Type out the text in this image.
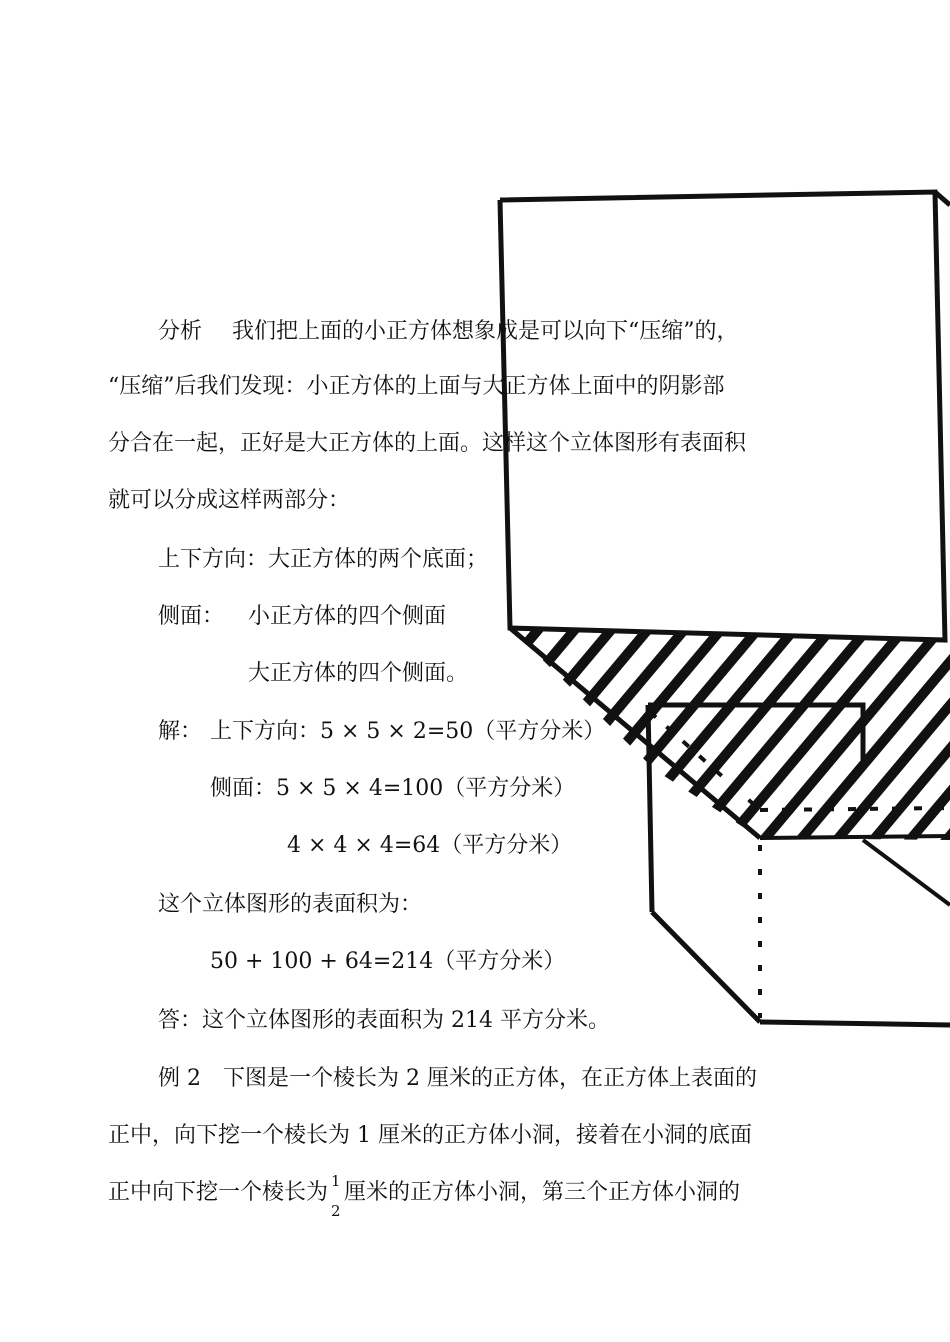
分析 我们把上面的小正方体想象成是可以向下“压缩”的，
“压缩”后我们发现：小正方体的上面与大正方体上面中的阴影部
分合在一起，正好是大正方体的上面。这样这个立体图形有表面积
就可以分成这样两部分：
上下方向：大正方体的两个底面；
侧面： 小正方体的四个侧面
大正方体的四个侧面。
解： 上下方向：5 × 5 × 2=50（平方分米）
侧面：5 × 5 × 4=100（平方分米）
4 × 4 × 4=64（平方分米）
这个立体图形的表面积为：
50 + 100 + 64=214（平方分米）
答：这个立体图形的表面积为 214 平方分米。
例 2　下图是一个棱长为 2 厘米的正方体，在正方体上表面的
正中，向下挖一个棱长为 1 厘米的正方体小洞，接着在小洞的底面
正中向下挖一个棱长为 1
2
厘米的正方体小洞，第三个正方体小洞的
